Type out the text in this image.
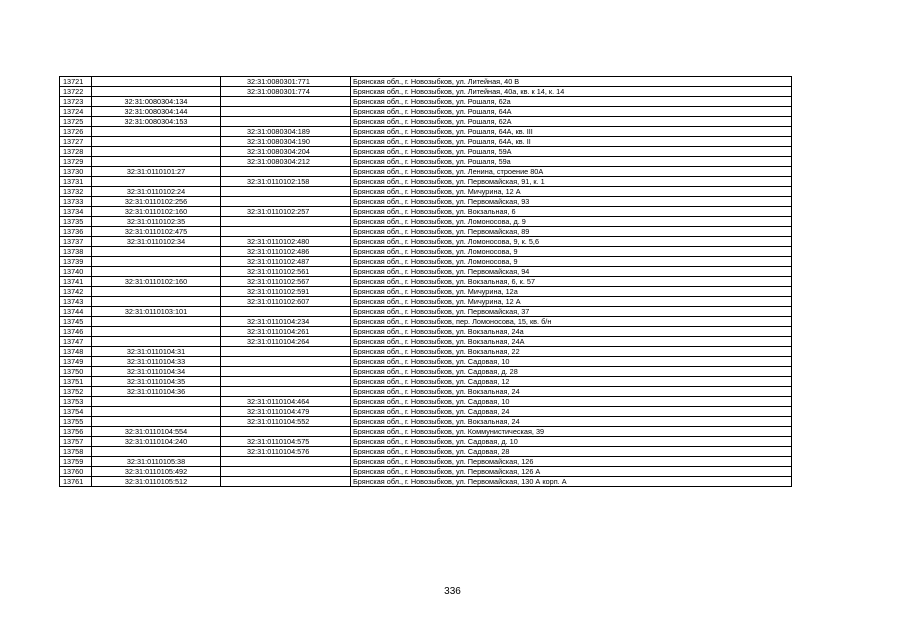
13721		32:31:0080301:771	Брянская обл., г. Новозыбков, ул. Литейная, 40 В
13722		32:31:0080301:774	Брянская обл., г. Новозыбков, ул. Литейная, 40а, кв. к 14, к. 14
13723	32:31:0080304:134		Брянская обл., г. Новозыбков, ул. Рошаля, 62а
13724	32:31:0080304:144		Брянская обл., г. Новозыбков, ул. Рошаля, 64А
13725	32:31:0080304:153		Брянская обл., г. Новозыбков, ул. Рошаля, 62А
13726		32:31:0080304:189	Брянская обл., г. Новозыбков, ул. Рошаля, 64А, кв. III
13727		32:31:0080304:190	Брянская обл., г. Новозыбков, ул. Рошаля, 64А, кв. II
13728		32:31:0080304:204	Брянская обл., г. Новозыбков, ул. Рошаля, 59А
13729		32:31:0080304:212	Брянская обл., г. Новозыбков, ул. Рошаля, 59а
13730	32:31:0110101:27		Брянская обл., г. Новозыбков, ул. Ленина, строение 80А
13731		32:31:0110102:158	Брянская обл., г. Новозыбков, ул. Первомайская, 91, к. 1
13732	32:31:0110102:24		Брянская обл., г. Новозыбков, ул. Мичурина, 12 А
13733	32:31:0110102:256		Брянская обл., г. Новозыбков, ул. Первомайская, 93
13734	32:31:0110102:160	32:31:0110102:257	Брянская обл., г. Новозыбков, ул. Вокзальная, 6
13735	32:31:0110102:35		Брянская обл., г. Новозыбков, ул. Ломоносова, д. 9
13736	32:31:0110102:475		Брянская обл., г. Новозыбков, ул. Первомайская, 89
13737	32:31:0110102:34	32:31:0110102:480	Брянская обл., г. Новозыбков, ул. Ломоносова, 9, к. 5,6
13738		32:31:0110102:486	Брянская обл., г. Новозыбков, ул. Ломоносова, 9
13739		32:31:0110102:487	Брянская обл., г. Новозыбков, ул. Ломоносова, 9
13740		32:31:0110102:561	Брянская обл., г. Новозыбков, ул. Первомайская, 94
13741	32:31:0110102:160	32:31:0110102:567	Брянская обл., г. Новозыбков, ул. Вокзальная, 6, к. 57
13742		32:31:0110102:591	Брянская обл., г. Новозыбков, ул. Мичурина, 12а
13743		32:31:0110102:607	Брянская обл., г. Новозыбков, ул. Мичурина, 12 А
13744	32:31:0110103:101		Брянская обл., г. Новозыбков, ул. Первомайская, 37
13745		32:31:0110104:234	Брянская обл., г. Новозыбков, пер. Ломоносова, 15, кв. б/н
13746		32:31:0110104:261	Брянская обл., г. Новозыбков, ул. Вокзальная, 24а
13747		32:31:0110104:264	Брянская обл., г. Новозыбков, ул. Вокзальная, 24А
13748	32:31:0110104:31		Брянская обл., г. Новозыбков, ул. Вокзальная, 22
13749	32:31:0110104:33		Брянская обл., г. Новозыбков, ул. Садовая, 10
13750	32:31:0110104:34		Брянская обл., г. Новозыбков, ул. Садовая, д. 28
13751	32:31:0110104:35		Брянская обл., г. Новозыбков, ул. Садовая, 12
13752	32:31:0110104:36		Брянская обл., г. Новозыбков, ул. Вокзальная, 24
13753		32:31:0110104:464	Брянская обл., г. Новозыбков, ул. Садовая, 10
13754		32:31:0110104:479	Брянская обл., г. Новозыбков, ул. Садовая, 24
13755		32:31:0110104:552	Брянская обл., г. Новозыбков, ул. Вокзальная, 24
13756	32:31:0110104:554		Брянская обл., г. Новозыбков, ул. Коммунистическая, 39
13757	32:31:0110104:240	32:31:0110104:575	Брянская обл., г. Новозыбков, ул. Садовая, д. 10
13758		32:31:0110104:576	Брянская обл., г. Новозыбков, ул. Садовая, 28
13759	32:31:0110105:38		Брянская обл., г. Новозыбков, ул. Первомайская, 126
13760	32:31:0110105:492		Брянская обл., г. Новозыбков, ул. Первомайская, 126 А
13761	32:31:0110105:512		Брянская обл., г. Новозыбков, ул. Первомайская, 130 А корп. А
336
